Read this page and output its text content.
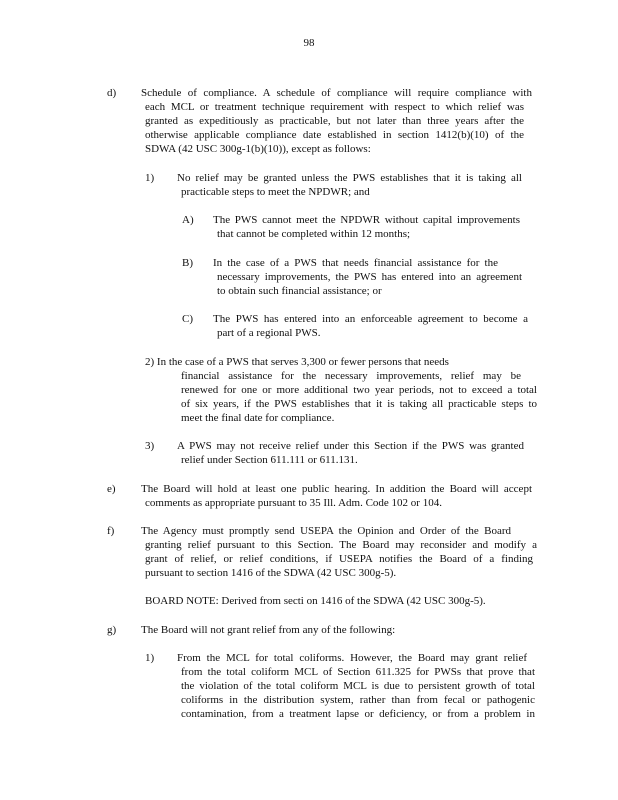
98
d) Schedule of compliance. A schedule of compliance will require compliance with
each MCL or treatment technique requirement with respect to which relief was
granted as expeditiously as practicable, but not later than three years after the
otherwise applicable compliance date established in section 1412(b)(10) of the
SDWA (42 USC 300g-1(b)(10)), except as follows:
1) No relief may be granted unless the PWS establishes that it is taking all
practicable steps to meet the NPDWR; and
A) The PWS cannot meet the NPDWR without capital improvements
that cannot be completed within 12 months;
B) In the case of a PWS that needs financial assistance for the
necessary improvements, the PWS has entered into an agreement
to obtain such financial assistance; or
C) The PWS has entered into an enforceable agreement to become a
part of a regional PWS.
2) In the case of a PWS that serves 3,300 or fewer persons that needs
financial assistance for the necessary improvements, relief may be
renewed for one or more additional two year periods, not to exceed a total
of six years, if the PWS establishes that it is taking all practicable steps to
meet the final date for compliance.
3) A PWS may not receive relief under this Section if the PWS was granted
relief under Section 611.111 or 611.131.
e) The Board will hold at least one public hearing. In addition the Board will accept
comments as appropriate pursuant to 35 Ill. Adm. Code 102 or 104.
f) The Agency must promptly send USEPA the Opinion and Order of the Board
granting relief pursuant to this Section. The Board may reconsider and modify a
grant of relief, or relief conditions, if USEPA notifies the Board of a finding
pursuant to section 1416 of the SDWA (42 USC 300g-5).
BOARD NOTE: Derived from secti on 1416 of the SDWA (42 USC 300g-5).
g) The Board will not grant relief from any of the following:
1) From the MCL for total coliforms. However, the Board may grant relief
from the total coliform MCL of Section 611.325 for PWSs that prove that
the violation of the total coliform MCL is due to persistent growth of total
coliforms in the distribution system, rather than from fecal or pathogenic
contamination, from a treatment lapse or deficiency, or from a problem in
